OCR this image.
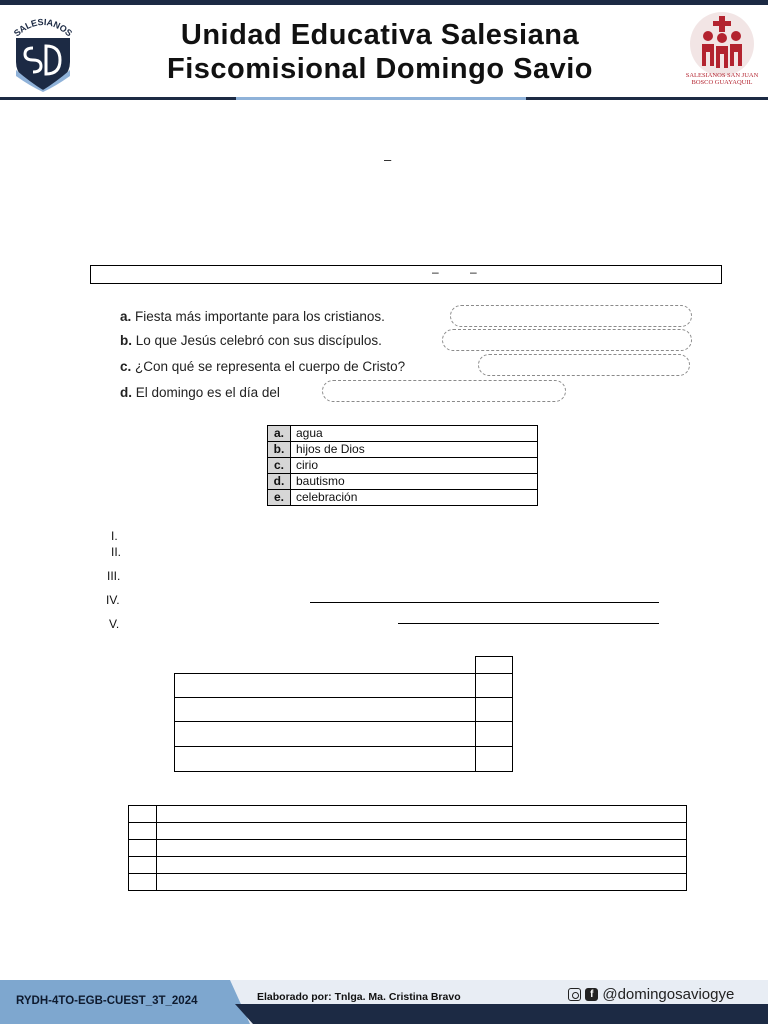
SALESIANOS	Unidad Educativa Salesiana
Fiscomisional Domingo Savio	SALESIANOS SAN JUAN BOSCO GUAYAQUIL
–
–	–
a. Fiesta más importante para los cristianos.
b. Lo que Jesús celebró con sus discípulos.
c. ¿Con qué se representa el cuerpo de Cristo?
d. El domingo es el día del
a.	agua
b.	hijos de Dios
c.	cirio
d.	bautismo
e.	celebración
I.
II.
III.
IV.
V.
RYDH-4TO-EGB-CUEST_3T_2024	Elaborado por: Tnlga. Ma. Cristina Bravo
	f @domingosaviogye
